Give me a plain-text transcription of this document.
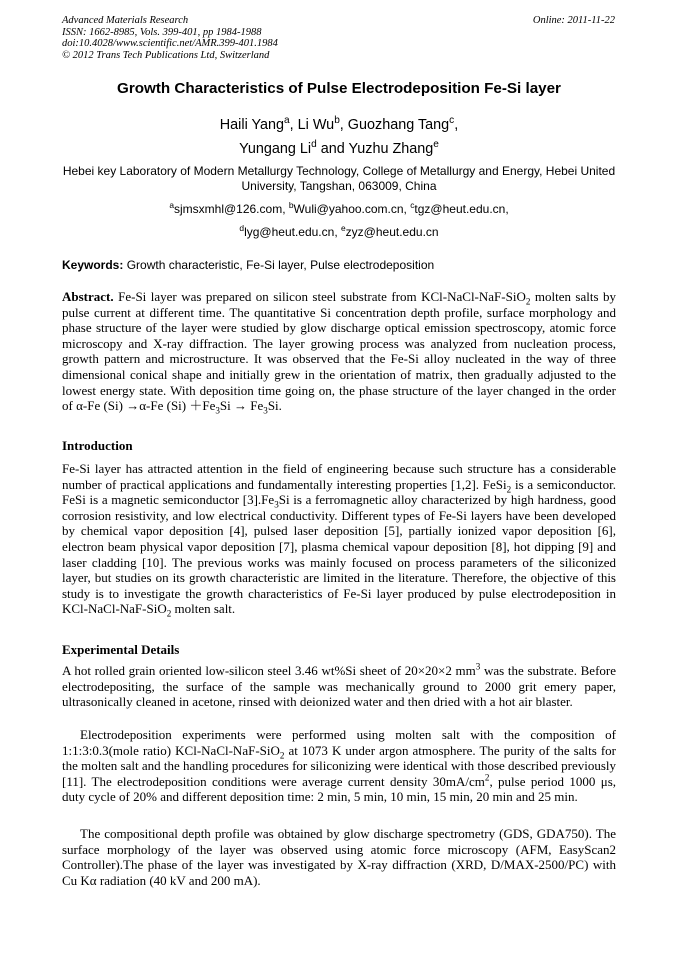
Advanced Materials Research
ISSN: 1662-8985, Vols. 399-401, pp 1984-1988
doi:10.4028/www.scientific.net/AMR.399-401.1984
© 2012 Trans Tech Publications Ltd, Switzerland
Online: 2011-11-22
Growth Characteristics of Pulse Electrodeposition Fe-Si layer
Haili Yang$^a$, Li Wu$^b$, Guozhang Tang$^c$,
Yungang Li$^d$ and Yuzhu Zhang$^e$
Hebei key Laboratory of Modern Metallurgy Technology, College of Metallurgy and Energy, Hebei United University, Tangshan, 063009, China
$^a$sjmsxmhl@126.com, $^b$Wuli@yahoo.com.cn, $^c$tgz@heut.edu.cn,
$^d$lyg@heut.edu.cn, $^e$zyz@heut.edu.cn
Keywords: Growth characteristic, Fe-Si layer, Pulse electrodeposition

Abstract. Fe-Si layer was prepared on silicon steel substrate from KCl-NaCl-NaF-SiO$_2$ molten salts by pulse current at different time. The quantitative Si concentration depth profile, surface morphology and phase structure of the layer were studied by glow discharge optical emission spectroscopy, atomic force microscopy and X-ray diffraction. The layer growing process was analyzed from nucleation process, growth pattern and microstructure. It was observed that the Fe-Si alloy nucleated in the way of three dimensional conical shape and initially grew in the orientation of matrix, then gradually adjusted to the lowest energy state. With deposition time going on, the phase structure of the layer changed in the order of α-Fe (Si) →α-Fe $(Si) +Fe_3Si \to Fe_3Si$.

Introduction

Fe-Si layer has attracted attention in the field of engineering because such structure has a considerable number of practical applications and fundamentally interesting properties [1,2]. FeSi$_2$ is a semiconductor. FeSi is a magnetic semiconductor $[3].Fe_3Si$ is a ferromagnetic alloy characterized by high hardness, good corrosion resistivity, and low electrical conductivity. Different types of Fe-Si layers have been developed by chemical vapor deposition [4], pulsed laser deposition [5], partially ionized vapor deposition [6], electron beam physical vapor deposition [7], plasma chemical vapour deposition [8], hot dipping [9] and laser cladding [10]. The previous works was mainly focused on process parameters of the siliconized layer, but studies on its growth characteristic are limited in the literature. Therefore, the objective of this study is to investigate the growth characteristics of Fe-Si layer produced by pulse electrodeposition in KCl-NaCl-NaF-SiO$_2$ molten salt.

Experimental Details

A hot rolled grain oriented low-silicon steel 3.46 wt%Si sheet of 20×20×2 $mm^3$ was the substrate. Before electrodepositing, the surface of the sample was mechanically ground to 2000 grit emery paper, ultrasonically cleaned in acetone, rinsed with deionized water and then dried with a hot air blaster.

Electrodeposition experiments were performed using molten salt with the composition of 1:1:3:0.3(mole ratio) KCl-NaCl-NaF-SiO$_2$ at 1073 K under argon atmosphere. The purity of the salts for the molten salt and the handling procedures for siliconizing were identical with those described previously [11]. The electrodeposition conditions were average current density $30mA/cm^2$, pulse period 1000 μs, duty cycle of 20% and different deposition time: 2 min, 5 min, 10 min, 15 min, 20 min and 25 min.

The compositional depth profile was obtained by glow discharge spectrometry (GDS, GDA750). The surface morphology of the layer was observed using atomic force microscopy (AFM, EasyScan2 Controller).The phase of the layer was investigated by X-ray diffraction (XRD, D/MAX-2500/PC) with Cu Kα radiation (40 kV and 200 mA).
